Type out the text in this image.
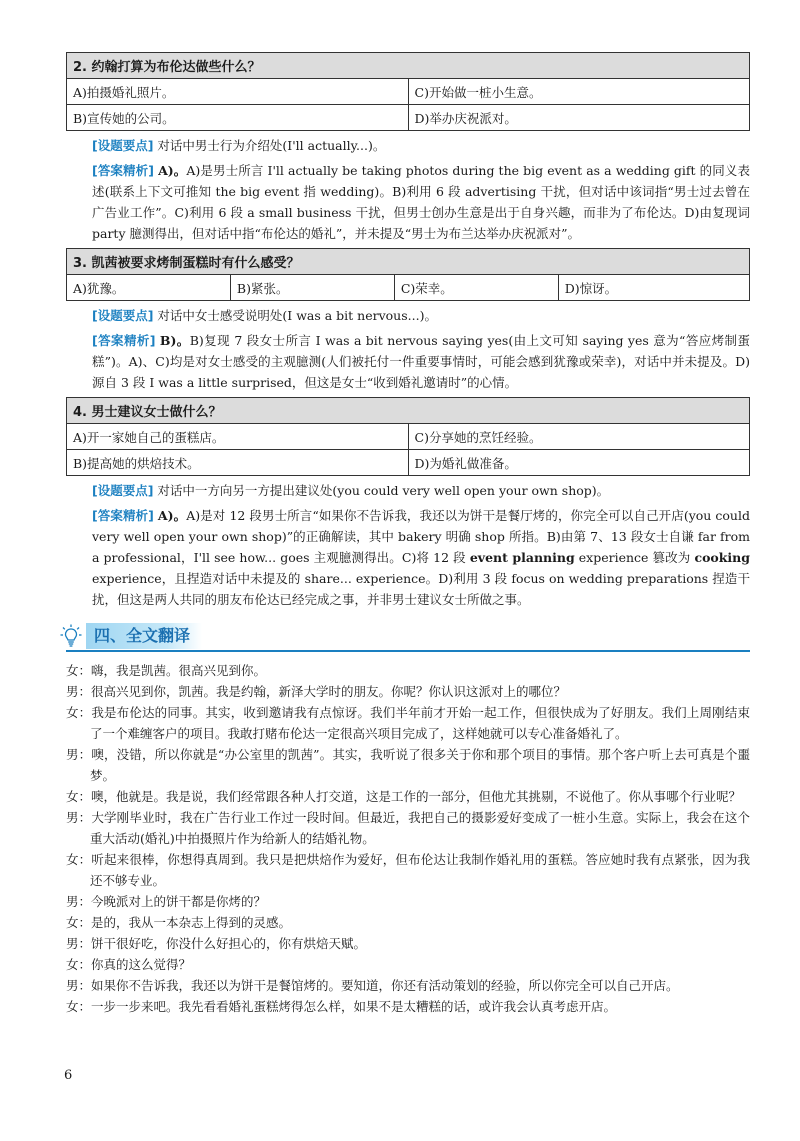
2. 约翰打算为布伦达做些什么？	
A)拍摄婚礼照片。	C)开始做一桩小生意。
B)宣传她的公司。	D)举办庆祝派对。
[设题要点] 对话中男士行为介绍处(I'll actually...)。
[答案精析] A)。A)是男士所言 I'll actually be taking photos during the big event as a wedding gift 的同义表述(联系上下文可推知 the big event 指 wedding)。B)利用 6 段 advertising 干扰，但对话中该词指“男士过去曾在广告业工作”。C)利用 6 段 a small business 干扰，但男士创办生意是出于自身兴趣，而非为了布伦达。D)由复现词 party 臆测得出，但对话中指“布伦达的婚礼”，并未提及“男士为布兰达举办庆祝派对”。
3. 凯茜被要求烤制蛋糕时有什么感受？
A)犹豫。	B)紧张。	C)荣幸。	D)惊讶。
[设题要点] 对话中女士感受说明处(I was a bit nervous...)。
[答案精析] B)。B)复现 7 段女士所言 I was a bit nervous saying yes(由上文可知 saying yes 意为“答应烤制蛋糕”)。A)、C)均是对女士感受的主观臆测(人们被托付一件重要事情时，可能会感到犹豫或荣幸)，对话中并未提及。D)源自 3 段 I was a little surprised，但这是女士“收到婚礼邀请时”的心情。
4. 男士建议女士做什么？	
A)开一家她自己的蛋糕店。	C)分享她的烹饪经验。
B)提高她的烘焙技术。	D)为婚礼做准备。
[设题要点] 对话中一方向另一方提出建议处(you could very well open your own shop)。
[答案精析] A)。A)是对 12 段男士所言“如果你不告诉我，我还以为饼干是餐厅烤的，你完全可以自己开店(you could very well open your own shop)”的正确解读，其中 bakery 明确 shop 所指。B)由第 7、13 段女士自谦 far from a professional，I'll see how... goes 主观臆测得出。C)将 12 段 event planning experience 篡改为 cooking experience，且捏造对话中未提及的 share... experience。D)利用 3 段 focus on wedding preparations 捏造干扰，但这是两人共同的朋友布伦达已经完成之事，并非男士建议女士所做之事。
四、全文翻译

女：嗨，我是凯茜。很高兴见到你。

男：很高兴见到你，凯茜。我是约翰，新泽大学时的朋友。你呢？你认识这派对上的哪位？

女：我是布伦达的同事。其实，收到邀请我有点惊讶。我们半年前才开始一起工作，但很快成为了好朋友。我们上周刚结束了一个难缠客户的项目。我敢打赌布伦达一定很高兴项目完成了，这样她就可以专心准备婚礼了。

男：噢，没错，所以你就是“办公室里的凯茜”。其实，我听说了很多关于你和那个项目的事情。那个客户听上去可真是个噩梦。

女：噢，他就是。我是说，我们经常跟各种人打交道，这是工作的一部分，但他尤其挑剔，不说他了。你从事哪个行业呢？

男：大学刚毕业时，我在广告行业工作过一段时间。但最近，我把自己的摄影爱好变成了一桩小生意。实际上，我会在这个重大活动(婚礼)中拍摄照片作为给新人的结婚礼物。

女：听起来很棒，你想得真周到。我只是把烘焙作为爱好，但布伦达让我制作婚礼用的蛋糕。答应她时我有点紧张，因为我还不够专业。

男：今晚派对上的饼干都是你烤的？

女：是的，我从一本杂志上得到的灵感。

男：饼干很好吃，你没什么好担心的，你有烘焙天赋。

女：你真的这么觉得？

男：如果你不告诉我，我还以为饼干是餐馆烤的。要知道，你还有活动策划的经验，所以你完全可以自己开店。

女：一步一步来吧。我先看看婚礼蛋糕烤得怎么样，如果不是太糟糕的话，或许我会认真考虑开店。

6
